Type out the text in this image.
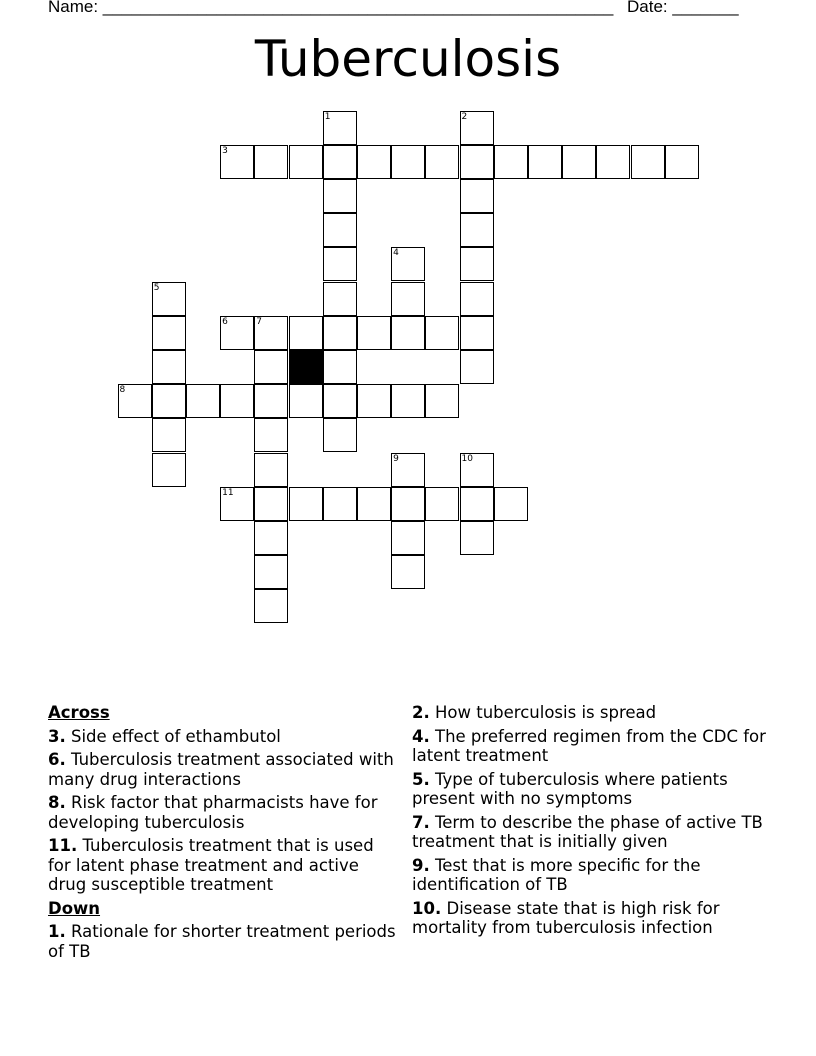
Name: ______________________________________________________ Date: _______
Tuberculosis
1	2
3
4
5
6	7
8
9	10
11
Across
3. Side effect of ethambutol
6. Tuberculosis treatment associated with many drug interactions
8. Risk factor that pharmacists have for developing tuberculosis
11. Tuberculosis treatment that is used for latent phase treatment and active drug susceptible treatment
Down
1. Rationale for shorter treatment periods of TB
2. How tuberculosis is spread
4. The preferred regimen from the CDC for latent treatment
5. Type of tuberculosis where patients present with no symptoms
7. Term to describe the phase of active TB treatment that is initially given
9. Test that is more specific for the identification of TB
10. Disease state that is high risk for mortality from tuberculosis infection
